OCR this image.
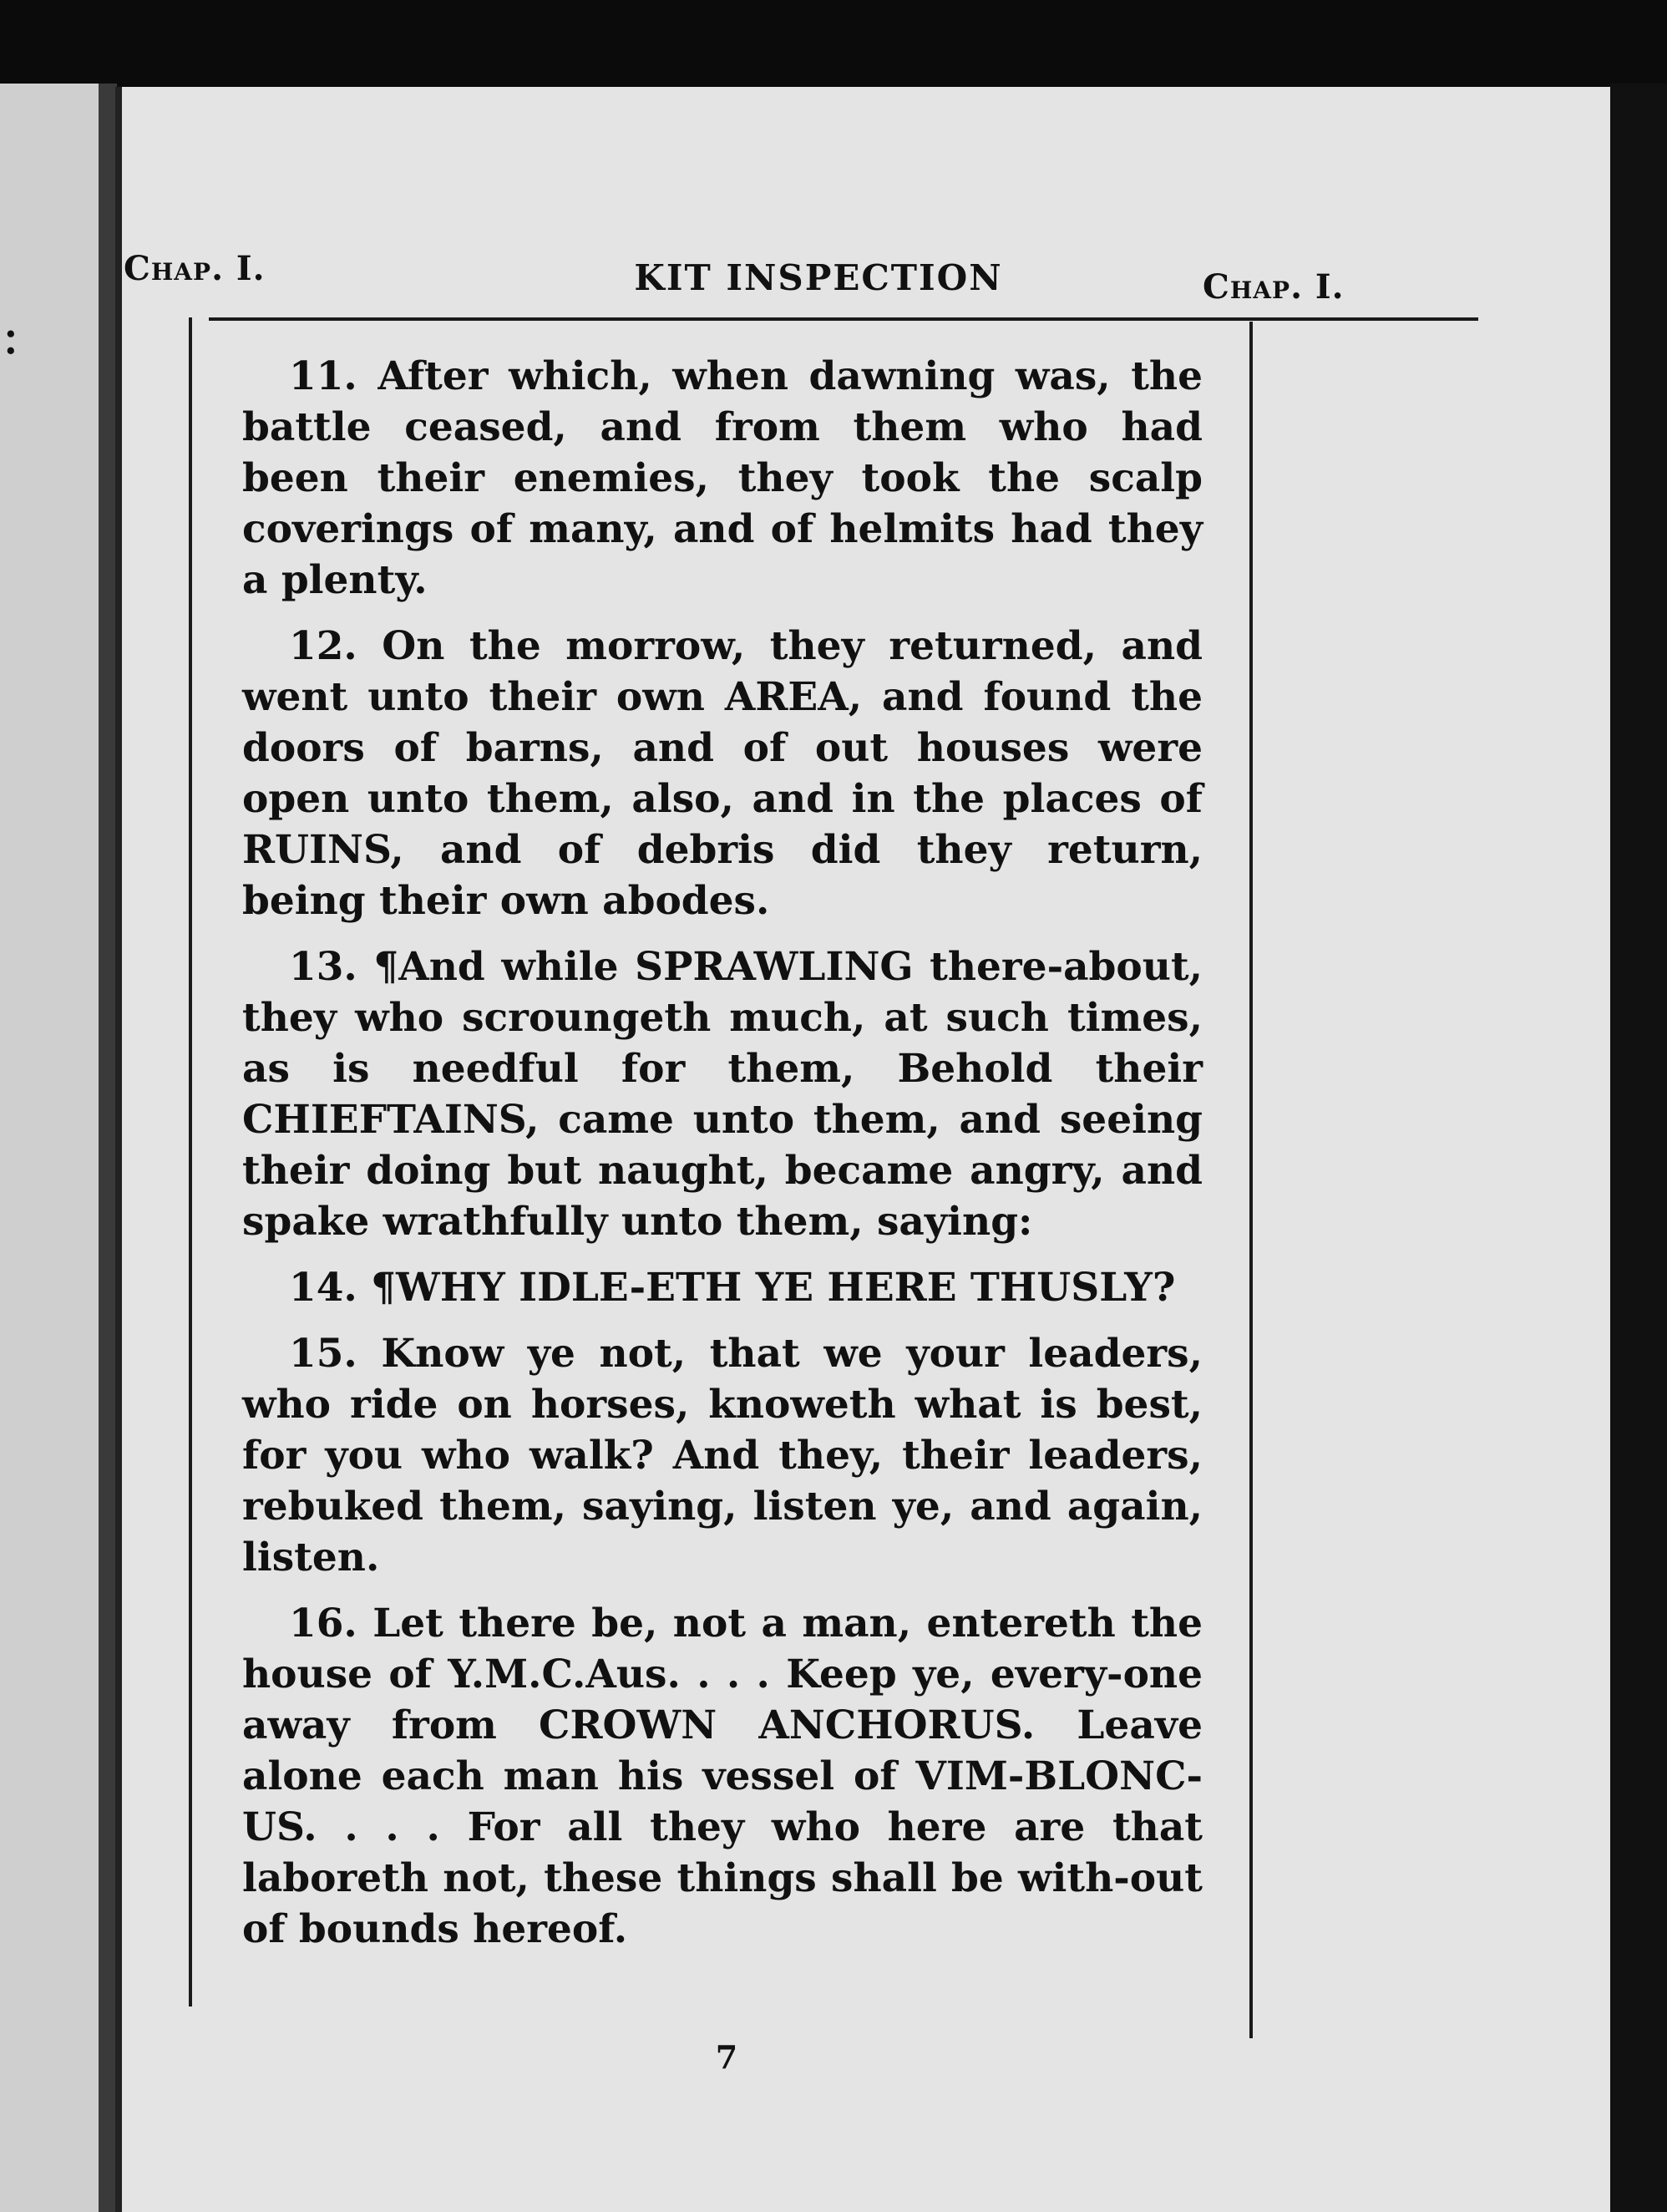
:
Chap. I.	KIT INSPECTION	Chap. I.

11. After which, when dawning was, the battle ceased, and from them who had been their enemies, they took the scalp coverings of many, and of helmits had they a plenty.

12. On the morrow, they returned, and went unto their own AREA, and found the doors of barns, and of out houses were open unto them, also, and in the places of RUINS, and of debris did they return, being their own abodes.

13. ¶And while SPRAWLING there-about, they who scroungeth much, at such times, as is needful for them, Behold their CHIEFTAINS, came unto them, and seeing their doing but naught, became angry, and spake wrathfully unto them, saying:

14. ¶WHY IDLE-ETH YE HERE THUSLY?

15. Know ye not, that we your leaders, who ride on horses, knoweth what is best, for you who walk? And they, their leaders, rebuked them, saying, listen ye, and again, listen.

16. Let there be, not a man, entereth the house of Y.M.C.Aus. . . . Keep ye, every-one away from CROWN ANCHORUS. Leave alone each man his vessel of VIM-BLONC-US. . . . For all they who here are that laboreth not, these things shall be with-out of bounds hereof.

7
